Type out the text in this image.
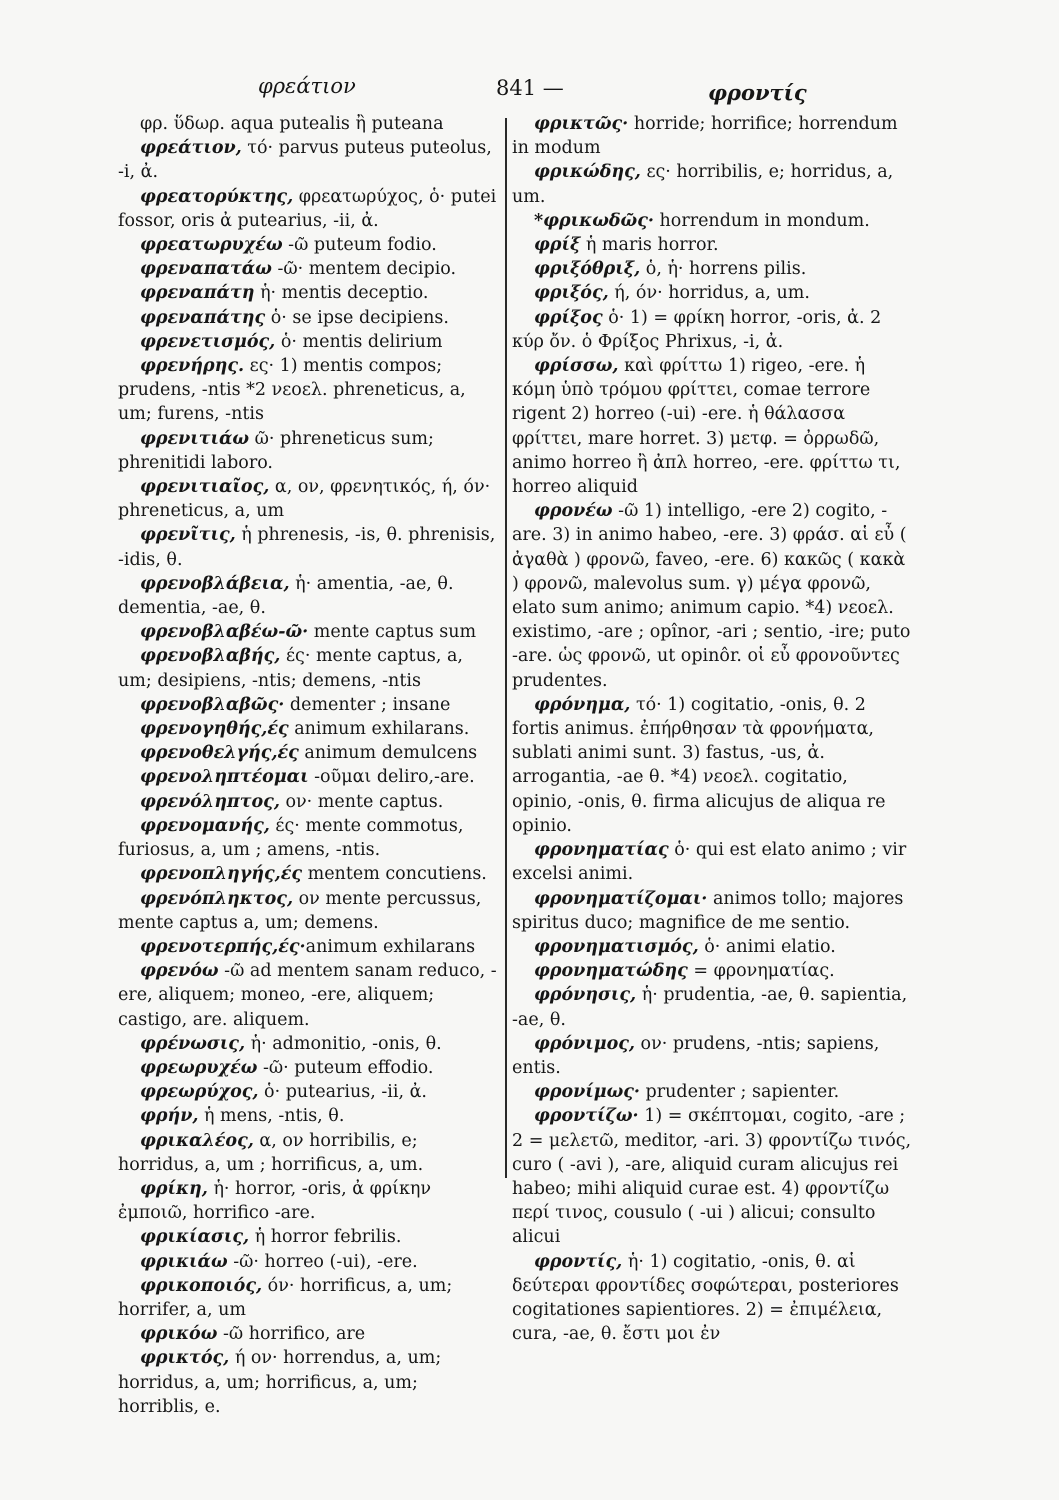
φρεάτιον	841 —	φροντίς

φρ. ὕδωρ. aqua putealis ἢ puteana

φρεάτιον, τό· parvus puteus puteolus, -i, ἀ.

φρεατορύκτης, φρεατωρύχος, ὁ· putei fossor, oris ἀ putearius, -ii, ἀ.

φρεατωρυχέω -ῶ puteum fodio.

φρεναπατάω -ῶ· mentem decipio.

φρεναπάτη ἡ· mentis deceptio.

φρεναπάτης ὁ· se ipse decipiens.

φρενετισμός, ὁ· mentis delirium

φρενήρης. ες· 1) mentis compos; prudens, -ntis *2 νεοελ. phreneticus, a, um; furens, -ntis

φρενιτιάω ῶ· phreneticus sum; phrenitidi laboro.

φρενιτιαῖος, α, ον, φρενητικός, ή, όν· phreneticus, a, um

φρενῖτις, ἡ phrenesis, -is, θ. phrenisis, -idis, θ.

φρενοβλάβεια, ἡ· amentia, -ae, θ. dementia, -ae, θ.

φρενοβλαβέω-ῶ· mente captus sum

φρενοβλαβής, ές· mente captus, a, um; desipiens, -ntis; demens, -ntis

φρενοβλαβῶς· dementer ; insane

φρενογηθής,ές animum exhilarans.

φρενοθελγής,ές animum demulcens

φρενοληπτέομαι -οῦμαι deliro,-are.

φρενόληπτος, ον· mente captus.

φρενομανής, ές· mente commotus, furiosus, a, um ; amens, -ntis.

φρενοπληγής,ές mentem concutiens.

φρενόπληκτος, ον mente percussus, mente captus a, um; demens.

φρενοτερπής,ές·animum exhilarans

φρενόω -ῶ ad mentem sanam reduco, -ere, aliquem; moneo, -ere, aliquem; castigo, are. aliquem.

φρένωσις, ἡ· admonitio, -onis, θ.

φρεωρυχέω -ῶ· puteum effodio.

φρεωρύχος, ὁ· putearius, -ii, ἀ.

φρήν, ἡ mens, -ntis, θ.

φρικαλέος, α, ον horribilis, e; horridus, a, um ; horrificus, a, um.

φρίκη, ἡ· horror, -oris, ἀ φρίκην ἐμποιῶ, horrifico -are.

φρικίασις, ἡ horror febrilis.

φρικιάω -ῶ· horreo (-ui), -ere.

φρικοποιός, όν· horrificus, a, um; horrifer, a, um

φρικόω -ῶ horrifico, are

φρικτός, ή ον· horrendus, a, um; horridus, a, um; horrificus, a, um; horriblis, e.

φρικτῶς· horride; horrifice; horrendum in modum

φρικώδης, ες· horribilis, e; horridus, a, um.

*φρικωδῶς· horrendum in mondum.

φρίξ ἡ maris horror.

φριξόθριξ, ὁ, ἡ· horrens pilis.

φριξός, ή, όν· horridus, a, um.

φρίξος ὁ· 1) = φρίκη horror, -oris, ἀ. 2 κύρ ὄν. ὁ Φρίξος Phrixus, -i, ἀ.

φρίσσω, καὶ φρίττω 1) rigeo, -ere. ἡ κόμη ὑπὸ τρόμου φρίττει, comae terrore rigent 2) horreo (-ui) -ere. ἡ θάλασσα φρίττει, mare horret. 3) μετφ. = ὀρρωδῶ, animo horreo ἢ ἀπλ horreo, -ere. φρίττω τι, horreo aliquid

φρονέω -ῶ 1) intelligo, -ere 2) cogito, -are. 3) in animo habeo, -ere. 3) φράσ. αἱ εὖ ( ἀγαθὰ ) φρονῶ, faveo, -ere. 6) κακῶς ( κακὰ ) φρονῶ, malevolus sum. γ) μέγα φρονῶ, elato sum animo; animum capio. *4) νεοελ. existimo, -are ; opînor, -ari ; sentio, -ire; puto -are. ὡς φρονῶ, ut opinôr. οἱ εὖ φρονοῦντες prudentes.

φρόνημα, τό· 1) cogitatio, -onis, θ. 2 fortis animus. ἐπήρθησαν τὰ φρονήματα, sublati animi sunt. 3) fastus, -us, ἀ. arrogantia, -ae θ. *4) νεοελ. cogitatio, opinio, -onis, θ. firma alicujus de aliqua re opinio.

φρονηματίας ὁ· qui est elato animo ; vir excelsi animi.

φρονηματίζομαι· animos tollo; majores spiritus duco; magnifice de me sentio.

φρονηματισμός, ὁ· animi elatio.

φρονηματώδης = φρονηματίας.

φρόνησις, ἡ· prudentia, -ae, θ. sapientia, -ae, θ.

φρόνιμος, ον· prudens, -ntis; sapiens, entis.

φρονίμως· prudenter ; sapienter.

φροντίζω· 1) = σκέπτομαι, cogito, -are ; 2 = μελετῶ, meditor, -ari. 3) φροντίζω τινός, curo ( -avi ), -are, aliquid curam alicujus rei habeo; mihi aliquid curae est. 4) φροντίζω περί τινος, cousulo ( -ui ) alicui; consulto alicui

φροντίς, ἡ· 1) cogitatio, -onis, θ. αἱ δεύτεραι φροντίδες σοφώτεραι, posteriores cogitationes sapientiores. 2) = ἐπιμέλεια, cura, -ae, θ. ἔστι μοι ἐν
